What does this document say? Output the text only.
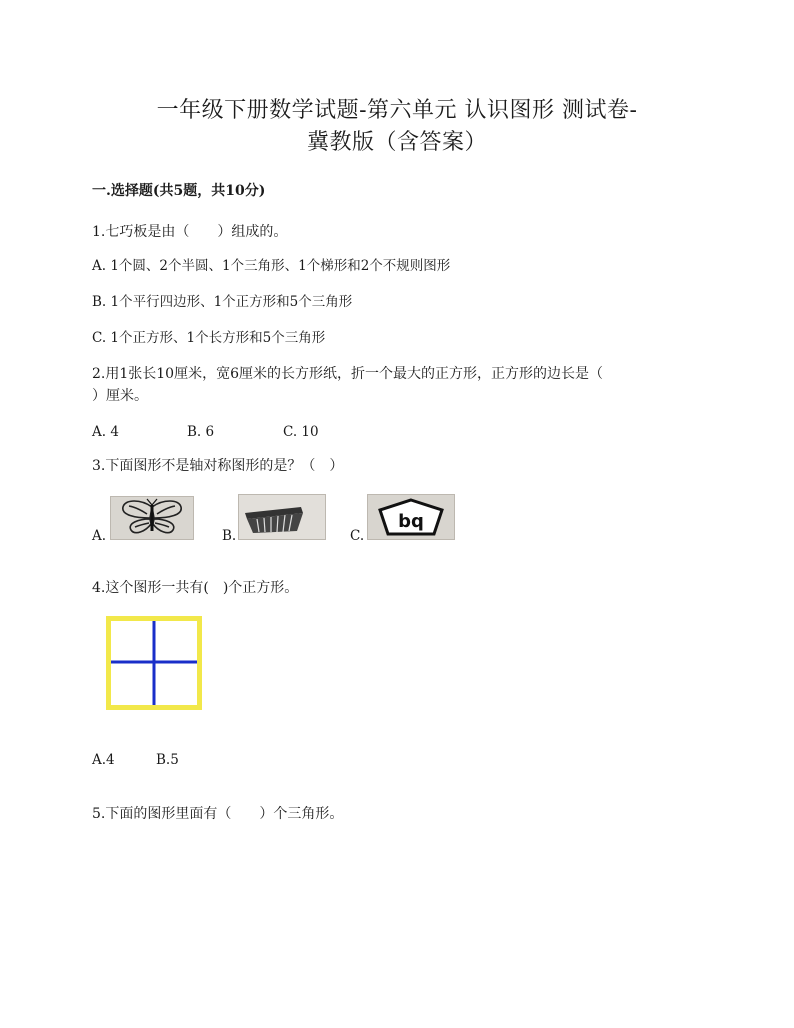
一年级下册数学试题-第六单元 认识图形 测试卷-
冀教版（含答案）
一.选择题(共5题，共10分)
1.七巧板是由（　　）组成的。
A. 1个圆、2个半圆、1个三角形、1个梯形和2个不规则图形
B. 1个平行四边形、1个正方形和5个三角形
C. 1个正方形、1个长方形和5个三角形
2.用1张长10厘米，宽6厘米的长方形纸，折一个最大的正方形，正方形的边长是（
）厘米。
A. 4	B. 6	C. 10
3.下面图形不是轴对称图形的是？（　）
A.	B.	C.
bq
4.这个图形一共有(　)个正方形。
A.4	B.5
5.下面的图形里面有（　　）个三角形。
